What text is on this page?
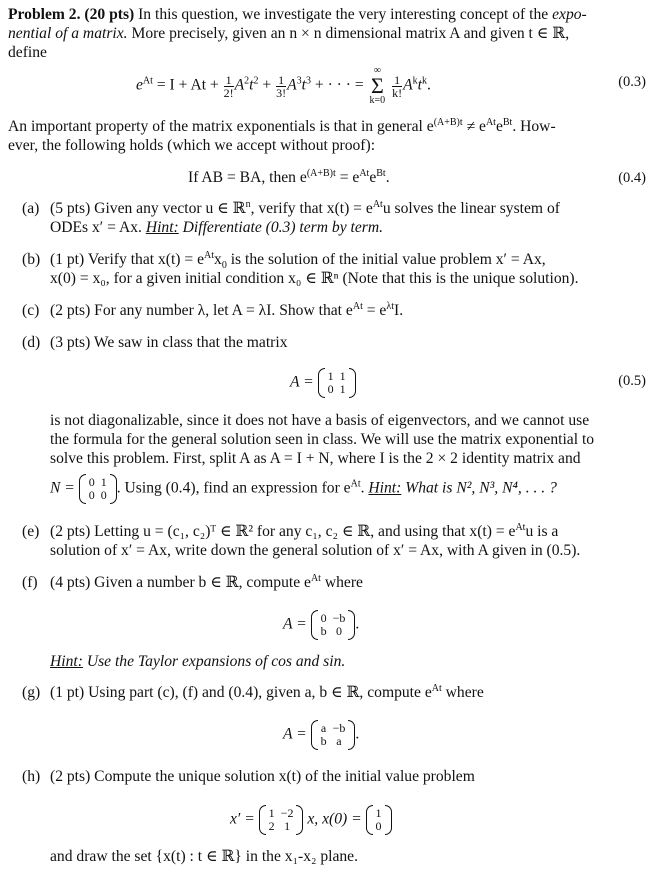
Problem 2. (20 pts) In this question, we investigate the very interesting concept of the expo-
nential of a matrix. More precisely, given an n × n dimensional matrix A and given t ∈ ℝ,
define
$e^{At} = I + At + \frac{1}{2!} A^2t^2 + \frac{1}{3!} A^3t^3$ + · · · = ∞
Σ
k=0
$\frac{1}{k!} A^kt^k$.	(0.3)
An important property of the matrix exponentials is that in general $e^{(A+B)t} \ne e^{At}e^{Bt}$. How-
ever, the following holds (which we accept without proof):
If AB = BA, then $e^{(A+B)t} = e^{At}e^{Bt}$.	(0.4)
(a) (5 pts) Given any vector u ∈ ℝ$^n$, verify that $x(t) = e^{At}u$ solves the linear system of
ODEs x′ = Ax. Hint: Differentiate (0.3) term by term.
(b) (1 pt) Verify that $x(t) = e^{At}x_0$ is the solution of the initial value problem x′ = Ax,
x(0) = x₀, for a given initial condition x₀ ∈ ℝⁿ (Note that this is the unique solution).
(c) (2 pts) For any number λ, let A = λI. Show that $e^{At} = e^{\lambda t}I$.
(d) (3 pts) We saw in class that the matrix
A = 1	1
0	1	(0.5)
is not diagonalizable, since it does not have a basis of eigenvectors, and we cannot use
the formula for the general solution seen in class. We will use the matrix exponential to
solve this problem. First, split A as A = I + N, where I is the 2 × 2 identity matrix and
N = 0	1
0	0 . Using (0.4), find an expression for $e^{At}$. Hint: What is N², N³, N⁴, . . . ?
(e) (2 pts) Letting u = (c₁, c₂)ᵀ ∈ ℝ² for any c₁, c₂ ∈ ℝ, and using that $x(t) = e^{At}u$ is a
solution of x′ = Ax, write down the general solution of x′ = Ax, with A given in (0.5).
(f) (4 pts) Given a number b ∈ ℝ, compute $e^{At}$ where
A = 0	−b
b	0 .
Hint: Use the Taylor expansions of cos and sin.
(g) (1 pt) Using part (c), (f) and (0.4), given a, b ∈ ℝ, compute $e^{At}$ where
A = a	−b
b	a .
(h) (2 pts) Compute the unique solution x(t) of the initial value problem
x′ = 1	−2
2	1 x, x(0) = 1
0
and draw the set {x(t) : t ∈ ℝ} in the x₁-x₂ plane.
